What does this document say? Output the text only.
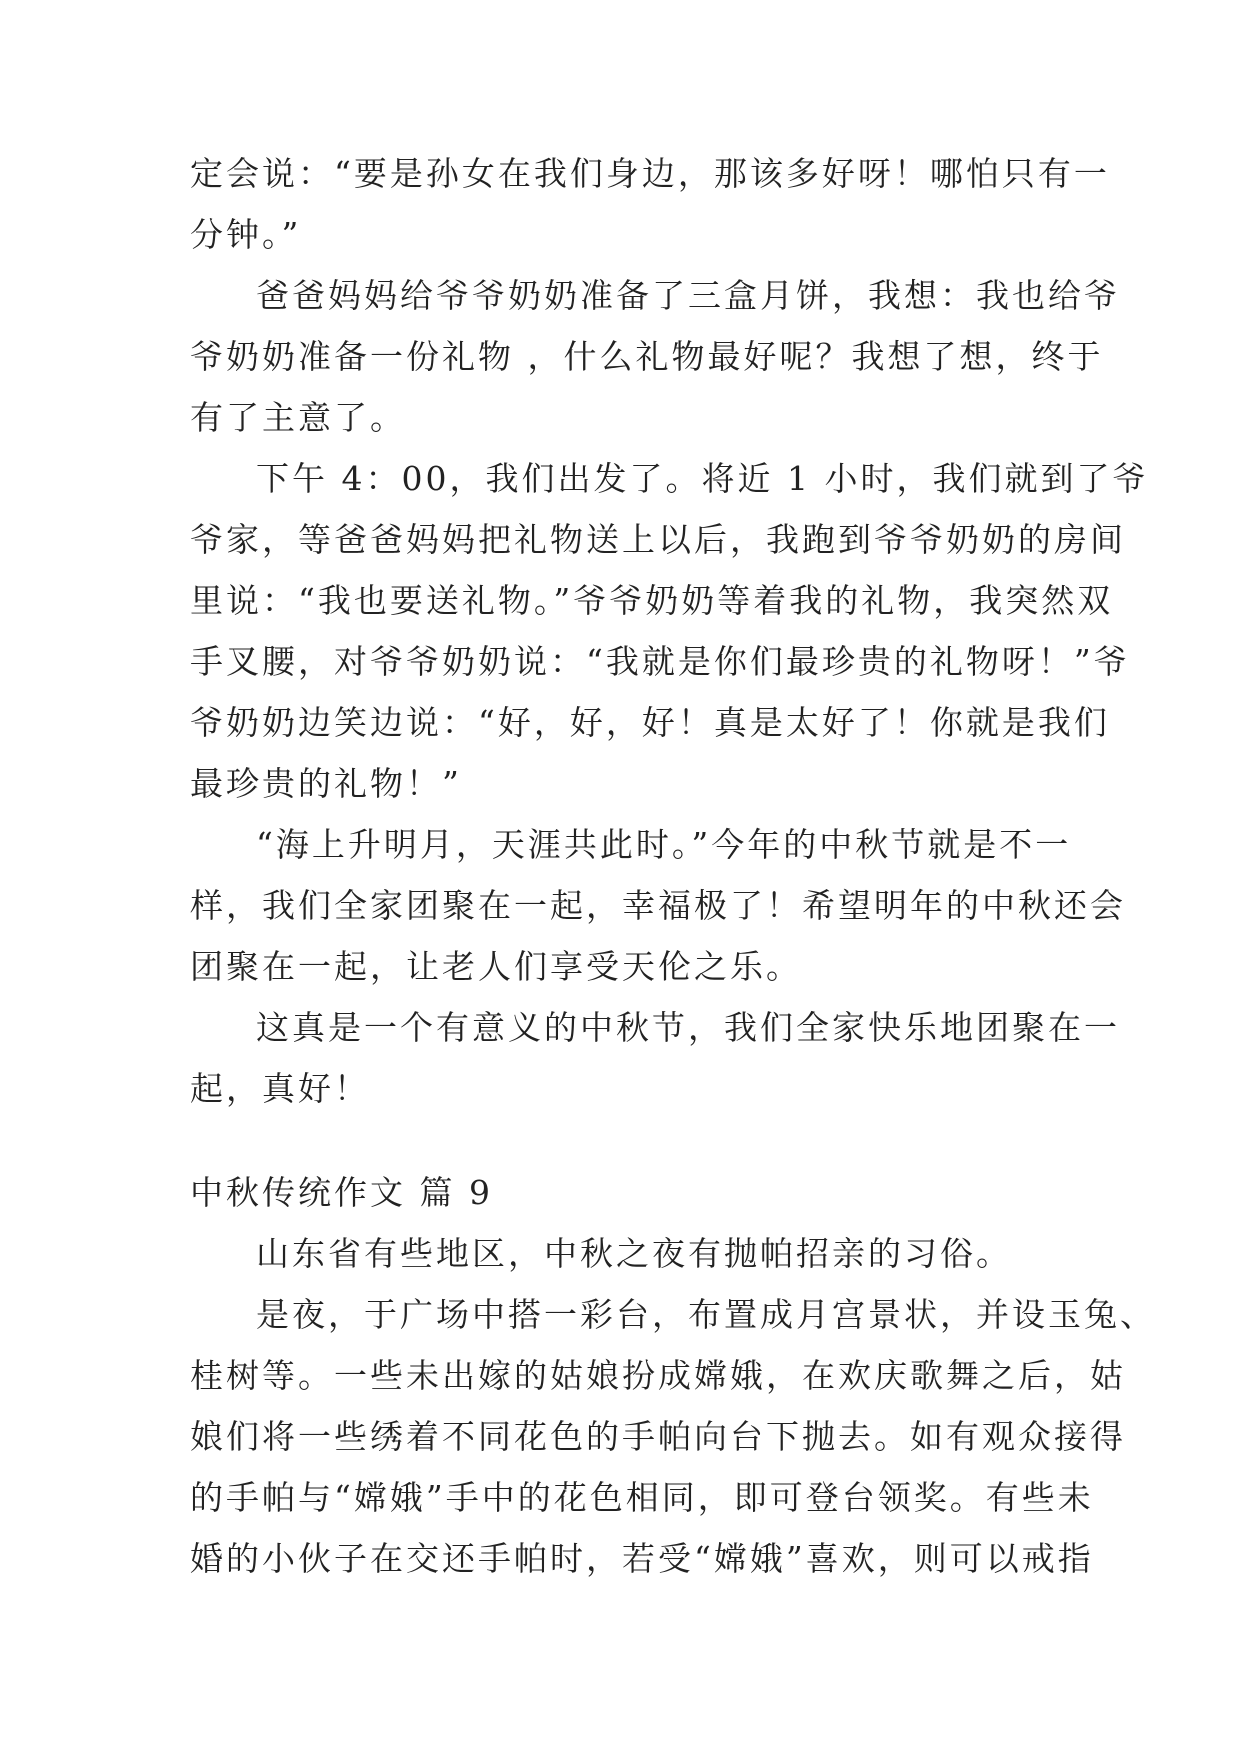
定会说：“要是孙女在我们身边，那该多好呀！哪怕只有一
分钟。”

爸爸妈妈给爷爷奶奶准备了三盒月饼，我想：我也给爷
爷奶奶准备一份礼物 ，什么礼物最好呢？我想了想，终于
有了主意了。

下午 4：00，我们出发了。将近 1 小时，我们就到了爷
爷家，等爸爸妈妈把礼物送上以后，我跑到爷爷奶奶的房间
里说：“我也要送礼物。”爷爷奶奶等着我的礼物，我突然双
手叉腰，对爷爷奶奶说：“我就是你们最珍贵的礼物呀！”爷
爷奶奶边笑边说：“好，好，好！真是太好了！你就是我们
最珍贵的礼物！”

“海上升明月，天涯共此时。”今年的中秋节就是不一
样，我们全家团聚在一起，幸福极了！希望明年的中秋还会
团聚在一起，让老人们享受天伦之乐。

这真是一个有意义的中秋节，我们全家快乐地团聚在一
起，真好！

中秋传统作文 篇 9

山东省有些地区，中秋之夜有抛帕招亲的习俗。

是夜，于广场中搭一彩台，布置成月宫景状，并设玉兔、
桂树等。一些未出嫁的姑娘扮成嫦娥，在欢庆歌舞之后，姑
娘们将一些绣着不同花色的手帕向台下抛去。如有观众接得
的手帕与“嫦娥”手中的花色相同，即可登台领奖。有些未
婚的小伙子在交还手帕时，若受“嫦娥”喜欢，则可以戒指
